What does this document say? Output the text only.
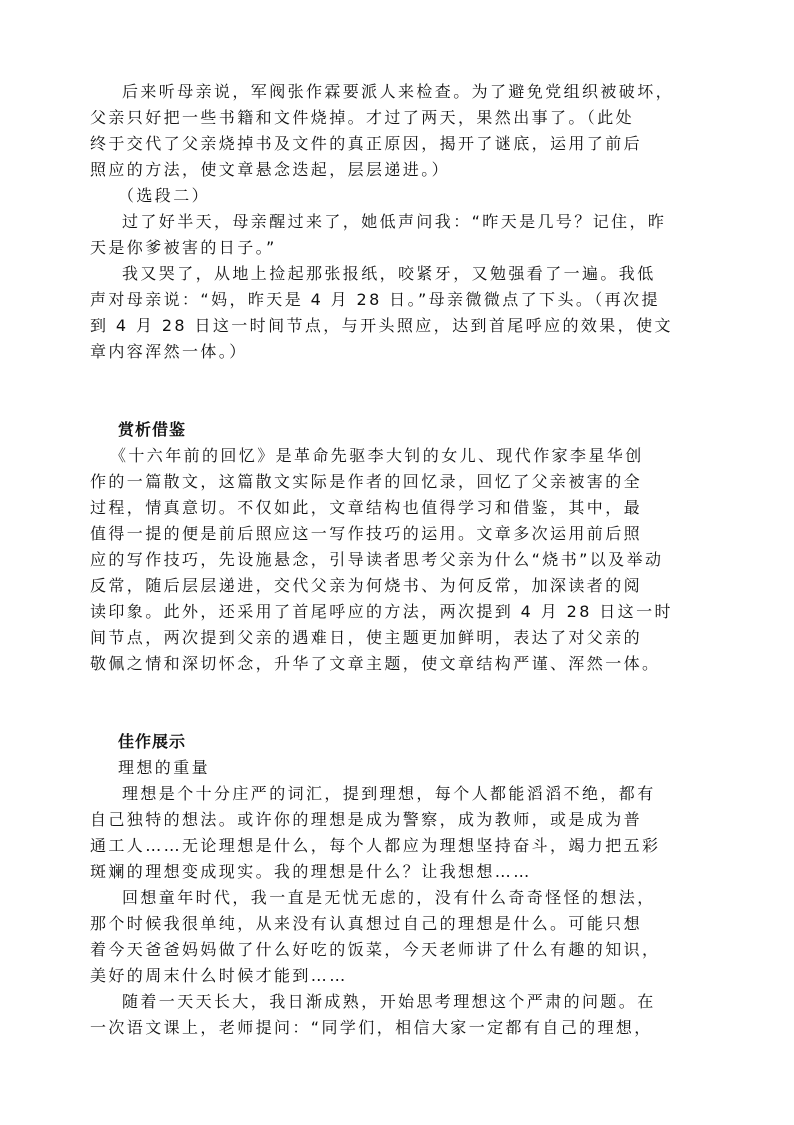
后来听母亲说，军阀张作霖要派人来检查。为了避免党组织被破坏，
父亲只好把一些书籍和文件烧掉。才过了两天，果然出事了。（此处
终于交代了父亲烧掉书及文件的真正原因，揭开了谜底，运用了前后
照应的方法，使文章悬念迭起，层层递进。）

（选段二）

过了好半天，母亲醒过来了，她低声问我：“昨天是几号？记住，昨
天是你爹被害的日子。”

我又哭了，从地上捡起那张报纸，咬紧牙，又勉强看了一遍。我低
声对母亲说：“妈，昨天是 4 月 28 日。”母亲微微点了下头。（再次提
到 4 月 28 日这一时间节点，与开头照应，达到首尾呼应的效果，使文
章内容浑然一体。）

赏析借鉴

《十六年前的回忆》是革命先驱李大钊的女儿、现代作家李星华创
作的一篇散文，这篇散文实际是作者的回忆录，回忆了父亲被害的全
过程，情真意切。不仅如此，文章结构也值得学习和借鉴，其中，最
值得一提的便是前后照应这一写作技巧的运用。文章多次运用前后照
应的写作技巧，先设施悬念，引导读者思考父亲为什么“烧书”以及举动
反常，随后层层递进，交代父亲为何烧书、为何反常，加深读者的阅
读印象。此外，还采用了首尾呼应的方法，两次提到 4 月 28 日这一时
间节点，两次提到父亲的遇难日，使主题更加鲜明，表达了对父亲的
敬佩之情和深切怀念，升华了文章主题，使文章结构严谨、浑然一体。

佳作展示

理想的重量

理想是个十分庄严的词汇，提到理想，每个人都能滔滔不绝，都有
自己独特的想法。或许你的理想是成为警察，成为教师，或是成为普
通工人……无论理想是什么，每个人都应为理想坚持奋斗，竭力把五彩
斑斓的理想变成现实。我的理想是什么？让我想想……

回想童年时代，我一直是无忧无虑的，没有什么奇奇怪怪的想法，
那个时候我很单纯，从来没有认真想过自己的理想是什么。可能只想
着今天爸爸妈妈做了什么好吃的饭菜，今天老师讲了什么有趣的知识，
美好的周末什么时候才能到……

随着一天天长大，我日渐成熟，开始思考理想这个严肃的问题。在
一次语文课上，老师提问：“同学们，相信大家一定都有自己的理想，
